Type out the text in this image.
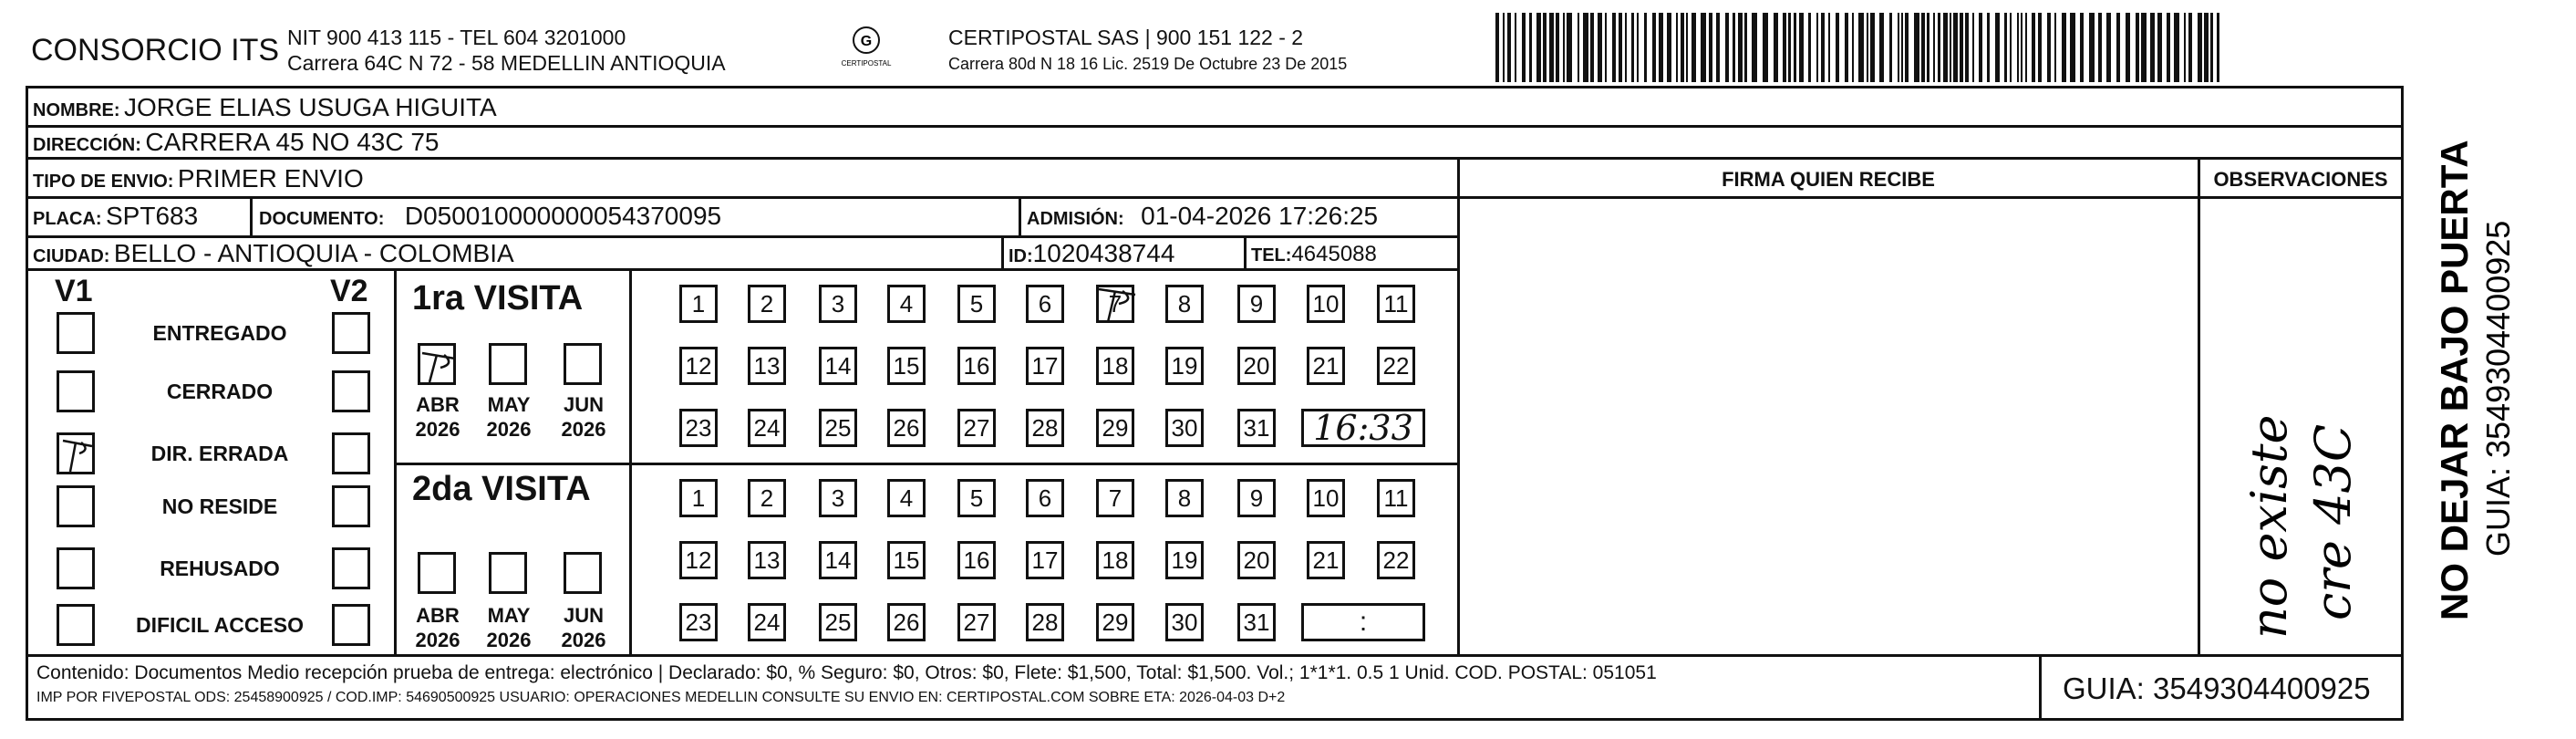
CONSORCIO ITS NIT 900 413 115 - TEL 604 3201000
Carrera 64C N 72 - 58 MEDELLIN ANTIOQUIA
G
CERTIPOSTAL
CERTIPOSTAL SAS | 900 151 122 - 2
Carrera 80d N 18 16 Lic. 2519 De Octubre 23 De 2015
NOMBRE: JORGE ELIAS USUGA HIGUITA
DIRECCIÓN: CARRERA 45 NO 43C 75
TIPO DE ENVIO: PRIMER ENVIO	FIRMA QUIEN RECIBE	OBSERVACIONES
PLACA: SPT683	DOCUMENTO: D050010000000054370095	ADMISIÓN: 01-04-2026 17:26:25
CIUDAD: BELLO - ANTIOQUIA - COLOMBIA	ID:1020438744	TEL:4645088
V1	V2
ENTREGADO
CERRADO
DIR. ERRADA
NO RESIDE
REHUSADO
DIFICIL ACCESO
1ra VISITA
2da VISITA
ABR
2026
MAY
2026
JUN
2026
1 2 3 4 5 6 7 8 9 10 11
12 13 14 15 16 17 18 19 20 21 22
23 24 25 26 27 28 29 30 31	16:33
ABR
2026
MAY
2026
JUN
2026
1 2 3 4 5 6 7 8 9 10 11
12 13 14 15 16 17 18 19 20 21 22
23 24 25 26 27 28 29 30 31	:	no existe cre 43C
Contenido: Documentos Medio recepción prueba de entrega: electrónico | Declarado: $0, % Seguro: $0, Otros: $0, Flete: $1,500, Total: $1,500. Vol.; 1*1*1. 0.5 1 Unid. COD. POSTAL: 051051
IMP POR FIVEPOSTAL ODS: 25458900925 / COD.IMP: 54690500925 USUARIO: OPERACIONES MEDELLIN CONSULTE SU ENVIO EN: CERTIPOSTAL.COM SOBRE ETA: 2026-04-03 D+2	GUIA: 3549304400925
NO DEJAR BAJO PUERTA GUIA: 3549304400925
